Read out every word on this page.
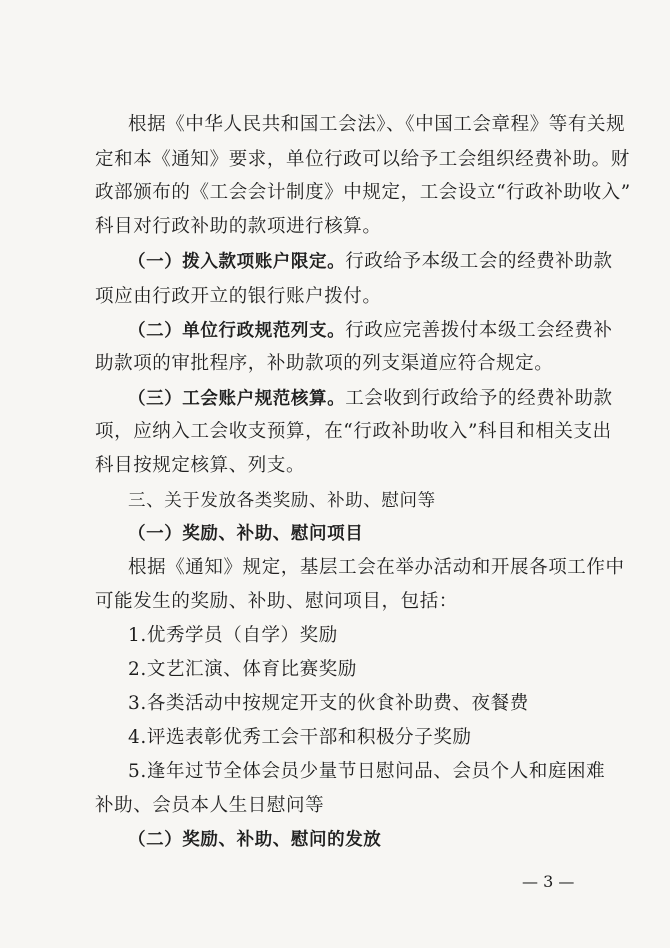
根据《中华人民共和国工会法》、《中国工会章程》等有关规
定和本《通知》要求，单位行政可以给予工会组织经费补助。财
政部颁布的《工会会计制度》中规定，工会设立“行政补助收入”
科目对行政补助的款项进行核算。
（一）拨入款项账户限定。行政给予本级工会的经费补助款
项应由行政开立的银行账户拨付。
（二）单位行政规范列支。行政应完善拨付本级工会经费补
助款项的审批程序，补助款项的列支渠道应符合规定。
（三）工会账户规范核算。工会收到行政给予的经费补助款
项，应纳入工会收支预算，在“行政补助收入”科目和相关支出
科目按规定核算、列支。
三、关于发放各类奖励、补助、慰问等
（一）奖励、补助、慰问项目
根据《通知》规定，基层工会在举办活动和开展各项工作中
可能发生的奖励、补助、慰问项目，包括：
1.优秀学员（自学）奖励
2.文艺汇演、体育比赛奖励
3.各类活动中按规定开支的伙食补助费、夜餐费
4.评选表彰优秀工会干部和积极分子奖励
5.逢年过节全体会员少量节日慰问品、会员个人和庭困难
补助、会员本人生日慰问等
（二）奖励、补助、慰问的发放
— 3 —
